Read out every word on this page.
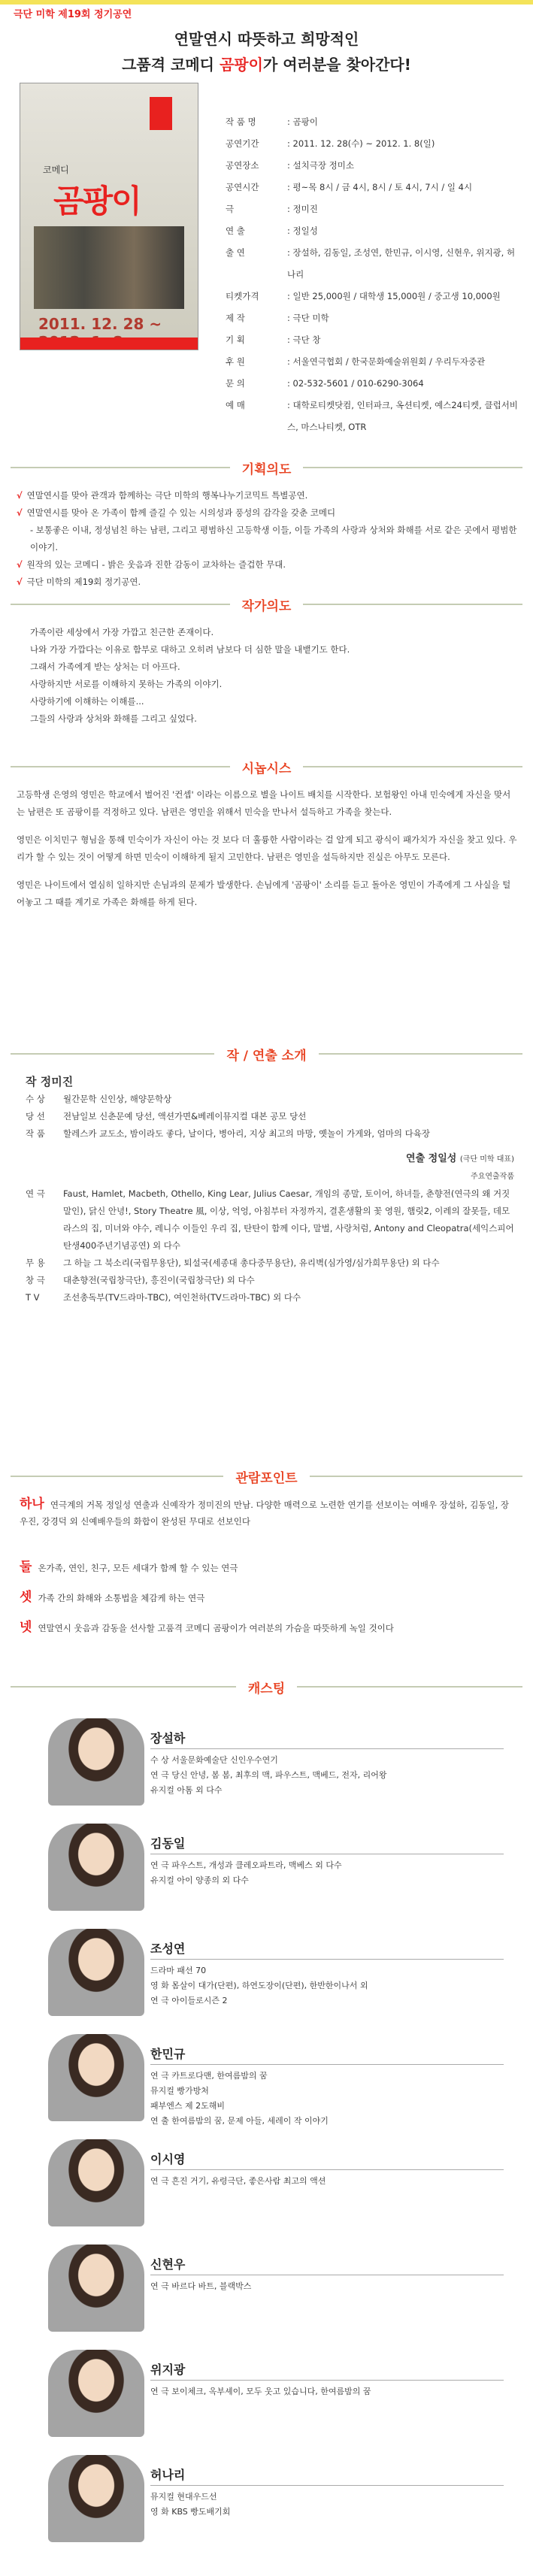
극단 미학 제19회 정기공연
연말연시 따뜻하고 희망적인
그품격 코메디 곰팡이가 여러분을 찾아간다!
코메디
곰팡이
2011. 12. 28 ~
작 품 명	: 곰팡이
공연기간	: 2011. 12. 28(수) ~ 2012. 1. 8(일)
공연장소	: 설치극장 정미소
공연시간	: 평~목 8시 / 금 4시, 8시 / 토 4시, 7시 / 일 4시
극	: 정미진
연 출	: 정일성
출 연	: 장설하, 김동일, 조성연, 한민규, 이시영, 신현우, 위지광, 허나리
티켓가격	: 일반 25,000원 / 대학생 15,000원 / 중고생 10,000원
제 작	: 극단 미학
기 획	: 극단 창
후 원	: 서울연극협회 / 한국문화예술위원회 / 우리두자중관
문 의	: 02-532-5601 / 010-6290-3064
예 매	: 대학로티켓닷컴, 인터파크, 옥션티켓, 예스24티켓, 클럽서비스, 마스나티켓, OTR
기획의도
√ 연말연시를 맞아 관객과 함께하는 극단 미학의 행복나누기코믹트 특별공연.
√ 연말연시를 맞아 온 가족이 함께 즐길 수 있는 시의성과 풍성의 감각을 갖춘 코메디
- 보통좋은 이내, 정성넘친 하는 남편, 그리고 평범하신 고등학생 이들, 이들 가족의 사랑과 상처와 화해를 서로 같은 곳에서 평범한 이야기.
√ 원작의 있는 코메디 - 밝은 웃음과 진한 감동이 교차하는 즐겁한 무대.
√ 극단 미학의 제19회 정기공연.
작가의도
가족이란 세상에서 가장 가깝고 친근한 존재이다.
나와 가장 가깝다는 이유로 함부로 대하고 오히려 남보다 더 심한 말을 내뱉기도 한다.
그래서 가족에게 받는 상처는 더 아프다.
사랑하지만 서로를 이해하지 못하는 가족의 이야기.
사랑하기에 이해하는 이해를...
그들의 사랑과 상처와 화해를 그리고 싶었다.
시놉시스
고등학생 은영의 영민은 학교에서 벌어진 '컨셉' 이라는 이름으로 별을 나이트 배치를 시작한다. 보험왕인 아내 민숙에게 자신을 맞서는 남편은 또 곰팡이를 걱정하고 있다. 남편은 영민을 위해서 민숙을 만나서 설득하고 가족을 찾는다.
영민은 이치민구 형님을 통해 민숙이가 자신이 아는 것 보다 더 훌륭한 사람이라는 걸 알게 되고 광식이 패가치가 자신을 찾고 있다. 우리가 할 수 있는 것이 어떻게 하면 민숙이 이해하게 될지 고민한다. 남편은 영민을 설득하지만 진실은 아무도 모른다.
영민은 나이트에서 열심히 일하지만 손님과의 문제가 발생한다. 손님에게 '곰팡이' 소리를 듣고 돌아온 영민이 가족에게 그 사실을 털어놓고 그 때를 계기로 가족은 화해를 하게 된다.
작 / 연출 소개
작 정미진
수 상	월간문학 신인상, 해양문학상
당 선	전남일보 신춘문예 당선, 액션가면&베레이뮤지컬 대본 공모 당선
작 품	할레스카 교도소, 밤이라도 좋다, 날이다, 병아리, 지상 최고의 마망, 옛놀이 가게와, 엄마의 다육장
연출 정일성 (극단 미학 대표)
주요연출작품
연 극	Faust, Hamlet, Macbeth, Othello, King Lear, Julius Caesar, 개임의 종말, 토이어, 하녀들, 춘향전(연극의 왜 거짓말인), 닭신 안녕!, Story Theatre 風, 이상, 억엉, 아침부터 자정까지, 결혼생활의 꽃 영원, 햄릿2, 이레의 잘못들, 데모라스의 집, 미녀와 야수, 레니수 이들인 우리 집, 탄탄이 함께 이다, 말벌, 사랑처럼, Antony and Cleopatra(세익스피어탄생400주년기념공연) 외 다수
무 용	그 하늘 그 북소리(국립무용단), 퇴설국(세종대 총다중무용단), 유리벽(심가영/심가희무용단) 외 다수
창 극	대춘향전(국립창극단), 흥진이(국립창극단) 외 다수
T V	조선총독부(TV드라마-TBC), 여인천하(TV드라마-TBC) 외 다수
관람포인트
하나 연극계의 거목 정일성 연출과 신예작가 정미진의 만남. 다양한 매력으로 노련한 연기를 선보이는 여배우 장설하, 김동일, 장우진, 강경덕 외 신예배우들의 화합이 완성된 무대로 선보인다
둘 온가족, 연인, 친구, 모든 세대가 함께 할 수 있는 연극
셋 가족 간의 화해와 소통법을 체감케 하는 연극
넷 연말연시 웃음과 감동을 선사할 고품격 코메디 곰팡이가 여러분의 가슴을 따뜻하게 녹일 것이다
캐스팅
장설하
수 상 서울문화예술단 신인우수연기
연 극 당신 안녕, 봄 봄, 최후의 맥, 파우스트, 맥베드, 전자, 리어왕
유지컬 아톰 외 다수
김동일
연 극 파우스트, 개성과 클레오파트라, 맥베스 외 다수
유지컬 아이 양종의 외 다수
조성연
드라마 패선 70
영 화 몸살이 대가(단편), 하연도장이(단편), 한반한이나서 외
연 극 아이들로시즌 2
한민규
연 극 카트로다맨, 한여름밤의 꿈
뮤지컬 빵가방처
패부엔스 제 2도해비
연 출 한여름밤의 꿈, 문제 아들, 세레이 작 이야기
이시영
연 극 흔진 거기, 유령극단, 좋은사람 최고의 액션
신현우
연 극 바르다 바트, 블랙박스
위지광
연 극 보이체크, 옥부셰이, 모두 웃고 있습니다, 한여름밤의 꿈
허나리
뮤지컬 현대우드선
영 화 KBS 빵도배기회
